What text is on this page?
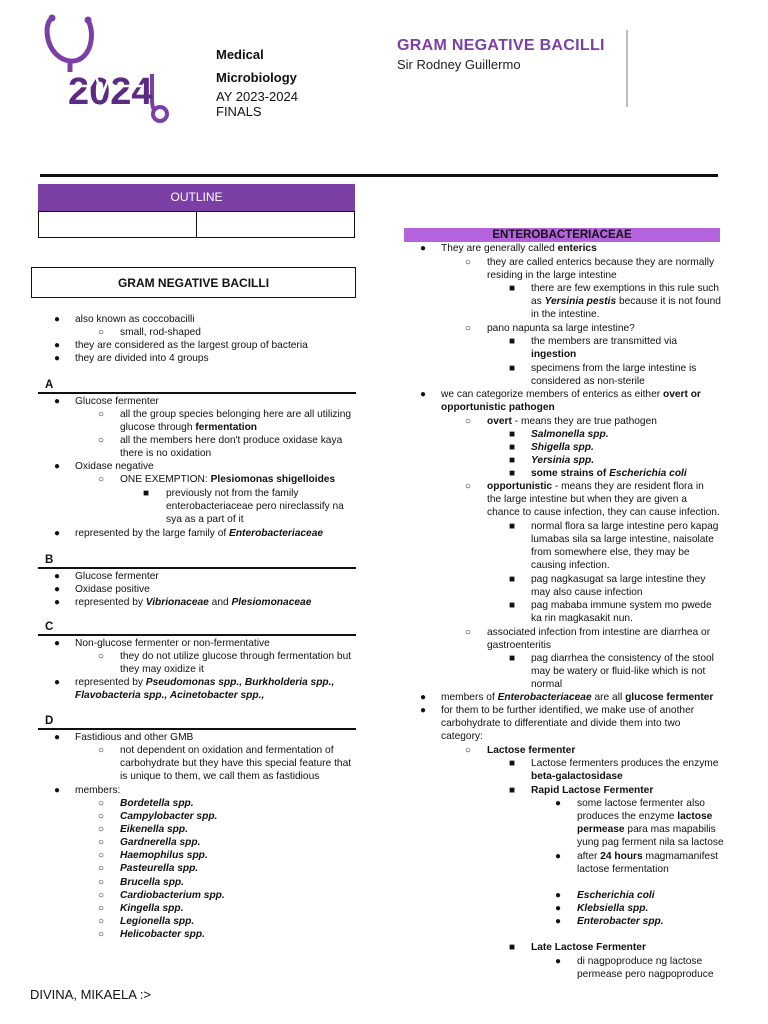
2024
Medical
Microbiology
AY 2023-2024
FINALS
GRAM NEGATIVE BACILLI
Sir Rodney Guillermo
OUTLINE
GRAM NEGATIVE BACILLI
● also known as coccobacilli
○ small, rod-shaped
● they are considered as the largest group of bacteria
● they are divided into 4 groups
A
● Glucose fermenter
○ all the group species belonging here are all utilizing
glucose through fermentation
○ all the members here don't produce oxidase kaya
there is no oxidation
● Oxidase negative
○ ONE EXEMPTION: Plesiomonas shigelloides
■ previously not from the family
enterobacteriaceae pero nireclassify na
sya as a part of it
● represented by the large family of Enterobacteriaceae
B
● Glucose fermenter
● Oxidase positive
● represented by Vibrionaceae and Plesiomonaceae
C
● Non-glucose fermenter or non-fermentative
○ they do not utilize glucose through fermentation but
they may oxidize it
● represented by Pseudomonas spp., Burkholderia spp.,
Flavobacteria spp., Acinetobacter spp.,
D
● Fastidious and other GMB
○ not dependent on oxidation and fermentation of
carbohydrate but they have this special feature that
is unique to them, we call them as fastidious
● members:
○ Bordetella spp.
○ Campylobacter spp.
○ Eikenella spp.
○ Gardnerella spp.
○ Haemophilus spp.
○ Pasteurella spp.
○ Brucella spp.
○ Cardiobacterium spp.
○ Kingella spp.
○ Legionella spp.
○ Helicobacter spp.
ENTEROBACTERIACEAE
● They are generally called enterics
○ they are called enterics because they are normally
residing in the large intestine
■ there are few exemptions in this rule such
as Yersinia pestis because it is not found
in the intestine.
○ pano napunta sa large intestine?
■ the members are transmitted via
ingestion
■ specimens from the large intestine is
considered as non-sterile
● we can categorize members of enterics as either overt or
opportunistic pathogen
○ overt - means they are true pathogen
■ Salmonella spp.
■ Shigella spp.
■ Yersinia spp.
■ some strains of Escherichia coli
○ opportunistic - means they are resident flora in
the large intestine but when they are given a
chance to cause infection, they can cause infection.
■ normal flora sa large intestine pero kapag
lumabas sila sa large intestine, naisolate
from somewhere else, they may be
causing infection.
■ pag nagkasugat sa large intestine they
may also cause infection
■ pag mababa immune system mo pwede
ka rin magkasakit nun.
○ associated infection from intestine are diarrhea or
gastroenteritis
■ pag diarrhea the consistency of the stool
may be watery or fluid-like which is not
normal
● members of Enterobacteriaceae are all glucose fermenter
● for them to be further identified, we make use of another
carbohydrate to differentiate and divide them into two
category:
○ Lactose fermenter
■ Lactose fermenters produces the enzyme
beta-galactosidase
■ Rapid Lactose Fermenter
● some lactose fermenter also
produces the enzyme lactose
permease para mas mapabilis
yung pag ferment nila sa lactose
● after 24 hours magmamanifest
lactose fermentation
● Escherichia coli
● Klebsiella spp.
● Enterobacter spp.
■ Late Lactose Fermenter
● di nagpoproduce ng lactose
permease pero nagpoproduce
DIVINA, MIKAELA :>
